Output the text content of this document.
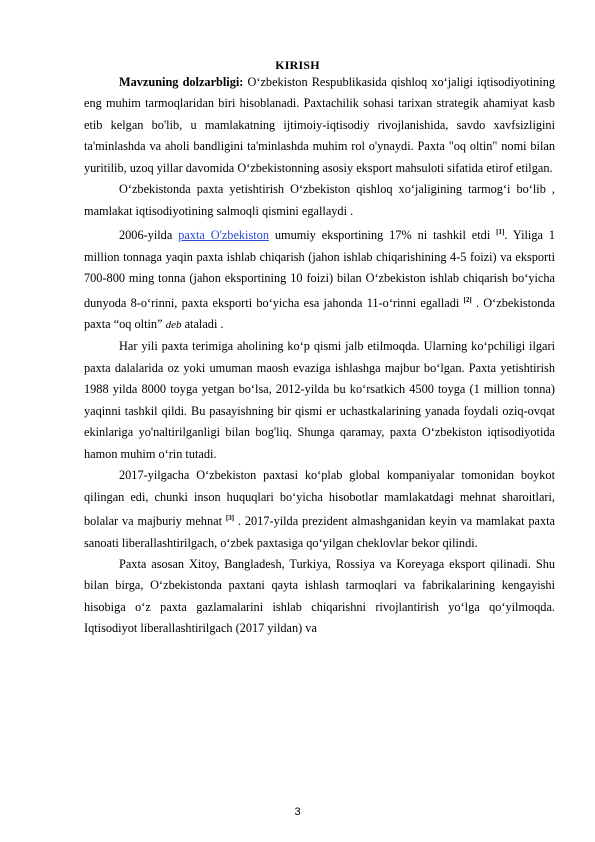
KIRISH

Mavzuning dolzarbligi: O‘zbekiston Respublikasida qishloq xo‘jaligi iqtisodiyotining eng muhim tarmoqlaridan biri hisoblanadi. Paxtachilik sohasi tarixan strategik ahamiyat kasb etib kelgan bo'lib, u mamlakatning ijtimoiy-iqtisodiy rivojlanishida, savdo xavfsizligini ta'minlashda va aholi bandligini ta'minlashda muhim rol o'ynaydi. Paxta "oq oltin" nomi bilan yuritilib, uzoq yillar davomida O‘zbekistonning asosiy eksport mahsuloti sifatida etirof etilgan.

O‘zbekistonda paxta yetishtirish O‘zbekiston qishloq xo‘jaligining tarmog‘i bo‘lib , mamlakat iqtisodiyotining salmoqli qismini egallaydi .

2006-yilda paxta O'zbekiston umumiy eksportining 17% ni tashkil etdi [1]. Yiliga 1 million tonnaga yaqin paxta ishlab chiqarish (jahon ishlab chiqarishining 4-5 foizi) va eksporti 700-800 ming tonna (jahon eksportining 10 foizi) bilan O‘zbekiston ishlab chiqarish bo‘yicha dunyoda 8-o‘rinni, paxta eksporti bo‘yicha esa jahonda 11-o‘rinni egalladi [2] . O‘zbekistonda paxta “oq oltin” deb ataladi .

Har yili paxta terimiga aholining ko‘p qismi jalb etilmoqda. Ularning ko‘pchiligi ilgari paxta dalalarida oz yoki umuman maosh evaziga ishlashga majbur bo‘lgan. Paxta yetishtirish 1988 yilda 8000 toyga yetgan bo‘lsa, 2012-yilda bu ko‘rsatkich 4500 toyga (1 million tonna) yaqinni tashkil qildi. Bu pasayishning bir qismi er uchastkalarining yanada foydali oziq-ovqat ekinlariga yo'naltirilganligi bilan bog'liq. Shunga qaramay, paxta O‘zbekiston iqtisodiyotida hamon muhim o‘rin tutadi.

2017-yilgacha O‘zbekiston paxtasi ko‘plab global kompaniyalar tomonidan boykot qilingan edi, chunki inson huquqlari bo‘yicha hisobotlar mamlakatdagi mehnat sharoitlari, bolalar va majburiy mehnat [3] . 2017-yilda prezident almashganidan keyin va mamlakat paxta sanoati liberallashtirilgach, o‘zbek paxtasiga qo‘yilgan cheklovlar bekor qilindi.

Paxta asosan Xitoy, Bangladesh, Turkiya, Rossiya va Koreyaga eksport qilinadi. Shu bilan birga, O‘zbekistonda paxtani qayta ishlash tarmoqlari va fabrikalarining kengayishi hisobiga o‘z paxta gazlamalarini ishlab chiqarishni rivojlantirish yo‘lga qo‘yilmoqda. Iqtisodiyot liberallashtirilgach (2017 yildan) va

3
